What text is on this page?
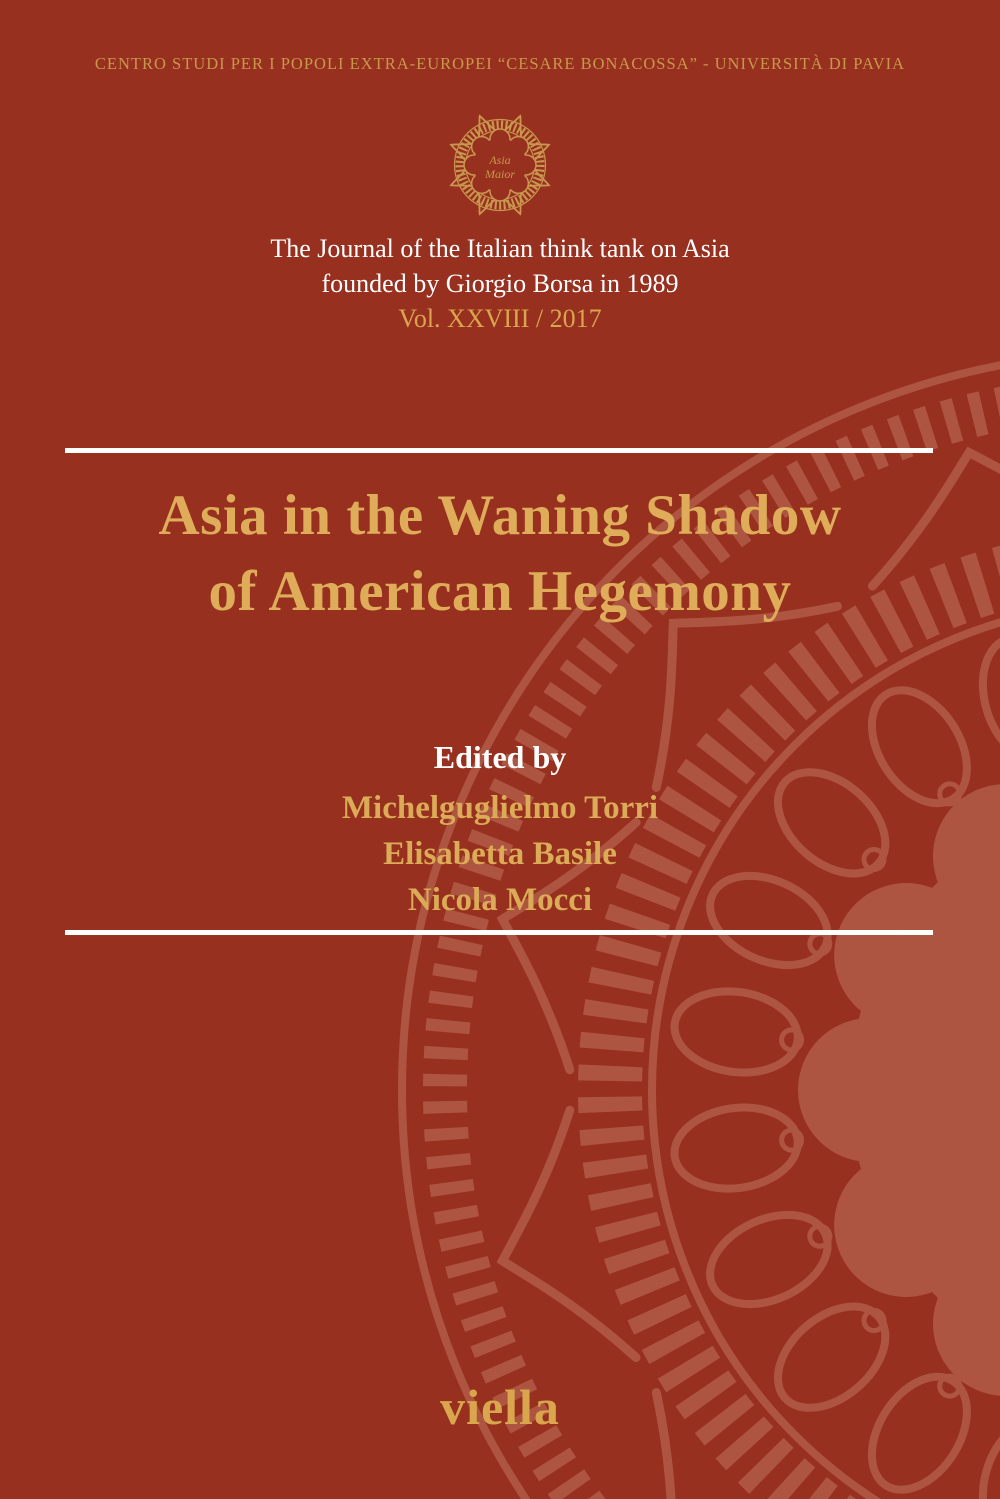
CENTRO STUDI PER I POPOLI EXTRA-EUROPEI “CESARE BONACOSSA” - UNIVERSITÀ DI PAVIA
Asia
Maior
The Journal of the Italian think tank on Asia
founded by Giorgio Borsa in 1989
Vol. XXVIII / 2017
Asia in the Waning Shadow
of American Hegemony
Edited by
Michelguglielmo Torri
Elisabetta Basile
Nicola Mocci
viella
